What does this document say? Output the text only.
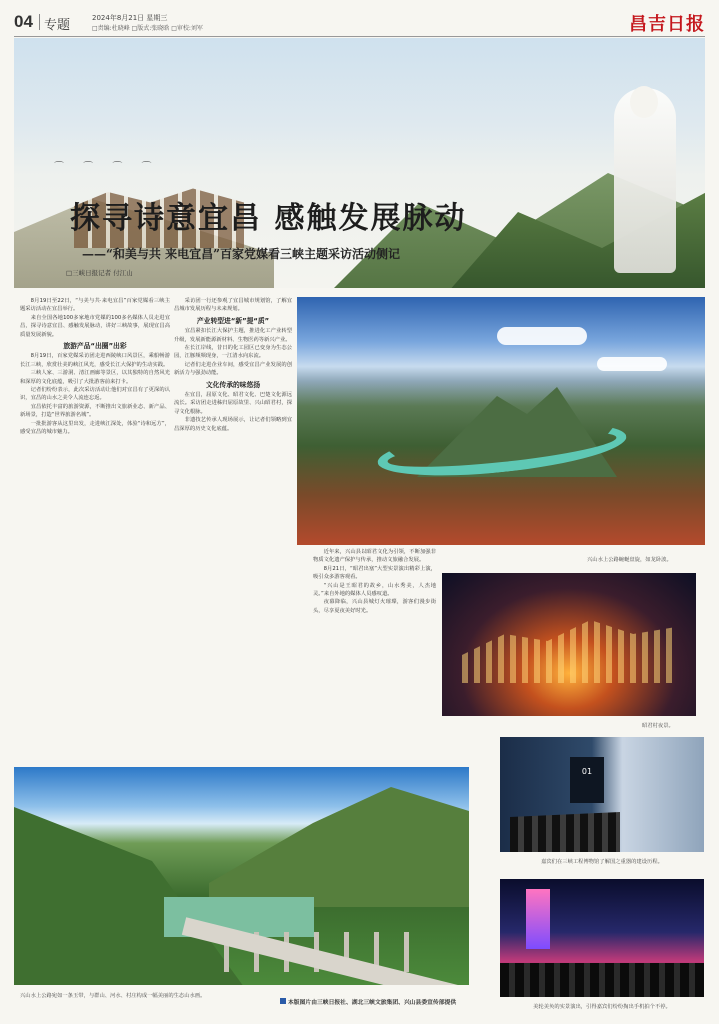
04 专题	2024年8月21日 星期三
□责编:杜晓峰 □版式:张晓晗 □审校:刘军	昌吉日报
⌒ ⌒ ⌒ ⌒
探寻诗意宜昌 感触发展脉动
——“和美与共 来电宜昌”百家党媒看三峡主题采访活动侧记
□三峡日报记者 付江山

8月19日至22日，“与美与共·来电宜昌”百家党媒看三峡主题采访活动在宜昌举行。

来自全国各地100多家地市党媒的100多名媒体人员走进宜昌，探寻诗意宜昌、感触发展脉动，讲好三峡故事，展现宜昌高质量发展新貌。

旅游产品“出圈”出彩

8月19日，百家党媒采访团走进西陵峡口风景区，乘船畅游长江三峡，欣赏壮美的峡江风光，感受长江大保护的生动实践。

三峡人家、三游洞、清江画廊等景区，以其独特的自然风光和深厚的文化底蕴，吸引了大批游客前来打卡。

记者们纷纷表示，此次采访活动让他们对宜昌有了更深的认识，宜昌的山水之美令人流连忘返。

宜昌依托丰富的旅游资源，不断推出文旅新业态、新产品、新场景，打造“世界旅游名城”。

一批批游客从这里出发，走进峡江深处，体验“诗和远方”，感受宜昌的城市魅力。

采访团一行还参观了宜昌城市规划馆，了解宜昌城市发展历程与未来规划。

产业转型进“新”提“质”

宜昌紧扣长江大保护主题，推进化工产业转型升级，发展新能源新材料、生物医药等新兴产业。

在长江岸线，昔日的化工园区已变身为生态公园，江豚频频现身，一江清水向东流。

记者们走进企业车间，感受宜昌产业发展的创新活力与强劲动能。

文化传承的味悠扬

在宜昌，屈原文化、昭君文化、巴楚文化源远流长。采访团走进秭归屈原故里、兴山昭君村，探寻文化根脉。

非遗技艺传承人现场展示，让记者们领略到宜昌深厚的历史文化底蕴。

兴山水上公路蜿蜒盘旋，如龙卧波。

近年来，兴山县以昭君文化为引领，不断加强非物质文化遗产保护与传承，推动文旅融合发展。

8月21日，“昭君出塞”大型实景演出精彩上演，吸引众多游客观看。

“兴山是王昭君的故乡，山水秀美，人杰地灵。”来自外地的媒体人员感叹道。

夜幕降临，兴山县城灯火璀璨，游客们漫步街头，尽享夏夜美好时光。

昭君村夜景。
01
嘉宾们在三峡工程博物馆了解国之重器的建设历程。
兴山水上公路宛如一条玉带，与群山、河水、村庄构成一幅美丽的生态山水画。
美轮美奂的实景演出，引得嘉宾们纷纷掏出手机拍个不停。
本版图片由三峡日报社、湖北三峡文旅集团、兴山县委宣传部提供
